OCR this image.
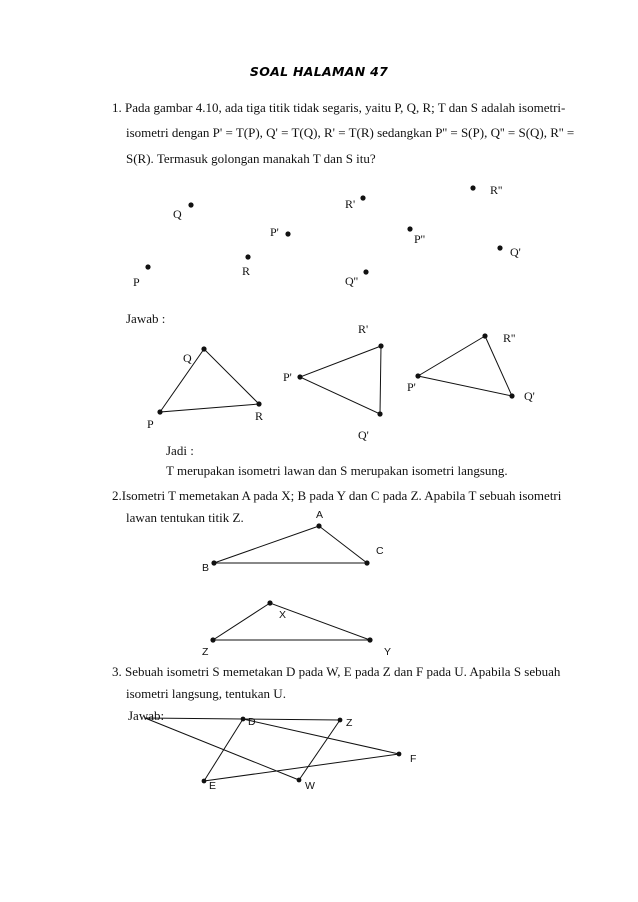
SOAL HALAMAN 47
1. Pada gambar 4.10, ada tiga titik tidak segaris, yaitu P, Q, R; T dan S adalah isometri-
isometri dengan P' = T(P), Q' = T(Q), R' = T(R) sedangkan P'' = S(P), Q'' = S(Q), R'' =
S(R). Termasuk golongan manakah T dan S itu?
Q
P
R
R'
P'
Q''
R''
P''
Q'
Jawab :
Q
P
R
R'
P'
Q'
R''
P'
Q'
Jadi :
T merupakan isometri lawan dan S merupakan isometri langsung.
2.Isometri T memetakan A pada X; B pada Y dan C pada Z. Apabila T sebuah isometri
lawan tentukan titik Z.	A
B
C
X
Z	Y
3. Sebuah isometri S memetakan D pada W, E pada Z dan F pada U. Apabila S sebuah
isometri langsung, tentukan U.
Jawab:	D	Z
F
E	W
